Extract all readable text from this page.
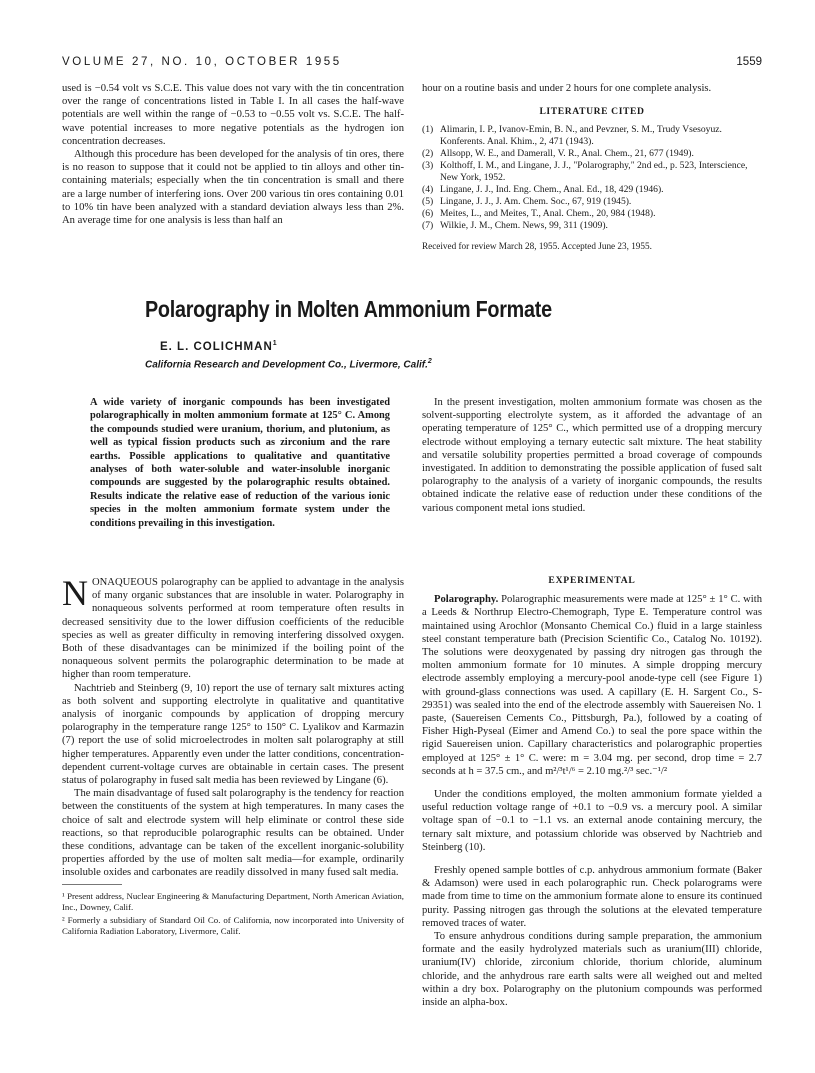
VOLUME 27, NO. 10, OCTOBER 1955	1559

used is −0.54 volt vs S.C.E. This value does not vary with the tin concentration over the range of concentrations listed in Table I. In all cases the half-wave potentials are well within the range of −0.53 to −0.55 volt vs. S.C.E. The half-wave potential increases to more negative potentials as the hydrogen ion concentration decreases.

Although this procedure has been developed for the analysis of tin ores, there is no reason to suppose that it could not be applied to tin alloys and other tin-containing materials; especially when the tin concentration is small and there are a large number of interfering ions. Over 200 various tin ores containing 0.01 to 10% tin have been analyzed with a standard deviation always less than 2%. An average time for one analysis is less than half an

hour on a routine basis and under 2 hours for one complete analysis.

LITERATURE CITED
(1) Alimarin, I. P., Ivanov-Emin, B. N., and Pevzner, S. M., Trudy Vsesoyuz. Konferents. Anal. Khim., 2, 471 (1943).
(2) Allsopp, W. E., and Damerall, V. R., Anal. Chem., 21, 677 (1949).
(3) Kolthoff, I. M., and Lingane, J. J., "Polarography," 2nd ed., p. 523, Interscience, New York, 1952.
(4) Lingane, J. J., Ind. Eng. Chem., Anal. Ed., 18, 429 (1946).
(5) Lingane, J. J., J. Am. Chem. Soc., 67, 919 (1945).
(6) Meites, L., and Meites, T., Anal. Chem., 20, 984 (1948).
(7) Wilkie, J. M., Chem. News, 99, 311 (1909).
Received for review March 28, 1955. Accepted June 23, 1955.
Polarography in Molten Ammonium Formate
E. L. COLICHMAN$^1$
California Research and Development Co., Livermore, Calif.$^2$
A wide variety of inorganic compounds has been investigated polarographically in molten ammonium formate at 125° C. Among the compounds studied were uranium, thorium, and plutonium, as well as typical fission products such as zirconium and the rare earths. Possible applications to qualitative and quantitative analyses of both water-soluble and water-insoluble inorganic compounds are suggested by the polarographic results obtained. Results indicate the relative ease of reduction of the various ionic species in the molten ammonium formate system under the conditions prevailing in this investigation.

In the present investigation, molten ammonium formate was chosen as the solvent-supporting electrolyte system, as it afforded the advantage of an operating temperature of 125° C., which permitted use of a dropping mercury electrode without employing a ternary eutectic salt mixture. The heat stability and versatile solubility properties permitted a broad coverage of compounds investigated. In addition to demonstrating the possible application of fused salt polarography to the analysis of a variety of inorganic compounds, the results obtained indicate the relative ease of reduction under these conditions of the various component metal ions studied.

NONAQUEOUS polarography can be applied to advantage in the analysis of many organic substances that are insoluble in water. Polarography in nonaqueous solvents performed at room temperature often results in decreased sensitivity due to the lower diffusion coefficients of the reducible species as well as greater difficulty in removing interfering dissolved oxygen. Both of these disadvantages can be minimized if the boiling point of the nonaqueous solvent permits the polarographic determination to be made at higher than room temperature.

Nachtrieb and Steinberg (9, 10) report the use of ternary salt mixtures acting as both solvent and supporting electrolyte in qualitative and quantitative analysis of inorganic compounds by application of dropping mercury polarography in the temperature range 125° to 150° C. Lyalikov and Karmazin (7) report the use of solid microelectrodes in molten salt polarography at still higher temperatures. Apparently even under the latter conditions, concentration-dependent current-voltage curves are obtainable in certain cases. The present status of polarography in fused salt media has been reviewed by Lingane (6).

The main disadvantage of fused salt polarography is the tendency for reaction between the constituents of the system at high temperatures. In many cases the choice of salt and electrode system will help eliminate or control these side reactions, so that reproducible polarographic results can be obtained. Under these conditions, advantage can be taken of the excellent inorganic-solubility properties afforded by the use of molten salt media—for example, ordinarily insoluble oxides and carbonates are readily dissolved in many fused salt media.

¹ Present address, Nuclear Engineering & Manufacturing Department, North American Aviation, Inc., Downey, Calif.
² Formerly a subsidiary of Standard Oil Co. of California, now incorporated into University of California Radiation Laboratory, Livermore, Calif.
EXPERIMENTAL

Polarography. Polarographic measurements were made at 125° ± 1° C. with a Leeds & Northrup Electro-Chemograph, Type E. Temperature control was maintained using Arochlor (Monsanto Chemical Co.) fluid in a large stainless steel constant temperature bath (Precision Scientific Co., Catalog No. 10192). The solutions were deoxygenated by passing dry nitrogen gas through the molten ammonium formate for 10 minutes. A simple dropping mercury electrode assembly employing a mercury-pool anode-type cell (see Figure 1) with ground-glass connections was used. A capillary (E. H. Sargent Co., S-29351) was sealed into the end of the electrode assembly with Sauereisen No. 1 paste, (Sauereisen Cements Co., Pittsburgh, Pa.), followed by a coating of Fisher High-Pyseal (Eimer and Amend Co.) to seal the pore space within the rigid Sauereisen union. Capillary characteristics and polarographic properties employed at 125° ± 1° C. were: m = 3.04 mg. per second, drop time = 2.7 seconds at h = 37.5 cm., and m²/³t¹/⁶ = 2.10 mg.²/³ sec.⁻¹/²

Under the conditions employed, the molten ammonium formate yielded a useful reduction voltage range of +0.1 to −0.9 vs. a mercury pool. A similar voltage span of −0.1 to −1.1 vs. an external anode containing mercury, the ternary salt mixture, and potassium chloride was observed by Nachtrieb and Steinberg (10).

Freshly opened sample bottles of c.p. anhydrous ammonium formate (Baker & Adamson) were used in each polarographic run. Check polarograms were made from time to time on the ammonium formate alone to ensure its continued purity. Passing nitrogen gas through the solutions at the elevated temperature removed traces of water.

To ensure anhydrous conditions during sample preparation, the ammonium formate and the easily hydrolyzed materials such as uranium(III) chloride, uranium(IV) chloride, zirconium chloride, thorium chloride, aluminum chloride, and the anhydrous rare earth salts were all weighed out and melted within a dry box. Polarography on the plutonium compounds was performed inside an alpha-box.
